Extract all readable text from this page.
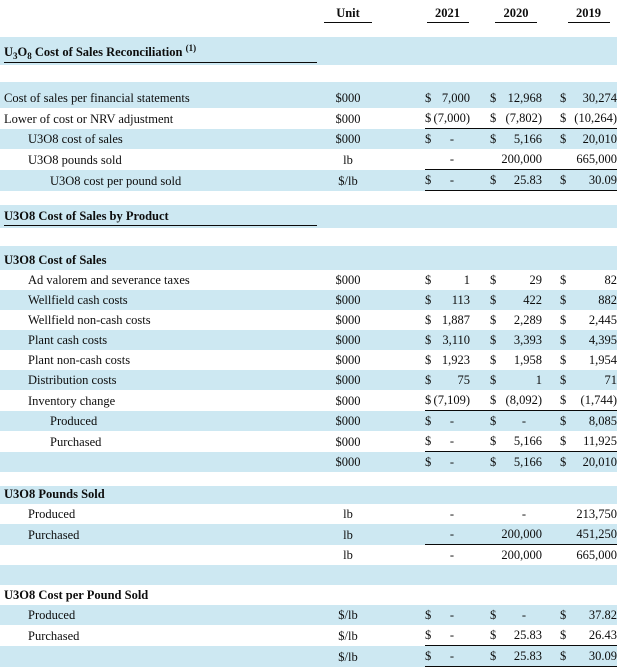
	Unit		2021		2020		2019

$U_3O_8$ Cost of Sales Reconciliation $^{(1)}$

Cost of sales per financial statements	$000		$ 7,000		$ 12,968		$ 30,274

Lower of cost or NRV adjustment	$000		$ (7,000)		$ (7,802)		$ (10,264)

U3O8 cost of sales	$000		$ -		$ 5,166		$ 20,010

U3O8 pounds sold	lb		-		200,000		665,000

U3O8 cost per pound sold	$/lb		$ -		$ 25.83		$ 30.09

U3O8 Cost of Sales by Product							

U3O8 Cost of Sales							
Ad valorem and severance taxes	$000		$ 1		$ 29		$ 82

Wellfield cash costs	$000		$ 113		$ 422		$ 882

Wellfield non-cash costs	$000		$ 1,887		$ 2,289		$ 2,445

Plant cash costs	$000		$ 3,110		$ 3,393		$ 4,395

Plant non-cash costs	$000		$ 1,923		$ 1,958		$ 1,954

Distribution costs	$000		$ 75		$ 1		$ 71

Inventory change	$000		$ (7,109)		$ (8,092)		$ (1,744)

Produced	$000		$ -		$ -		$ 8,085

Purchased	$000		$ -		$ 5,166		$ 11,925

	$000		$ -		$ 5,166		$ 20,010

U3O8 Pounds Sold							
Produced	lb		-		-		213,750

Purchased	lb		-		200,000		451,250

	lb		-		200,000		665,000

U3O8 Cost per Pound Sold							
Produced	$/lb		$ -		$ -		$ 37.82

Purchased	$/lb		$ -		$ 25.83		$ 26.43

	$/lb		$ -		$ 25.83		$ 30.09
